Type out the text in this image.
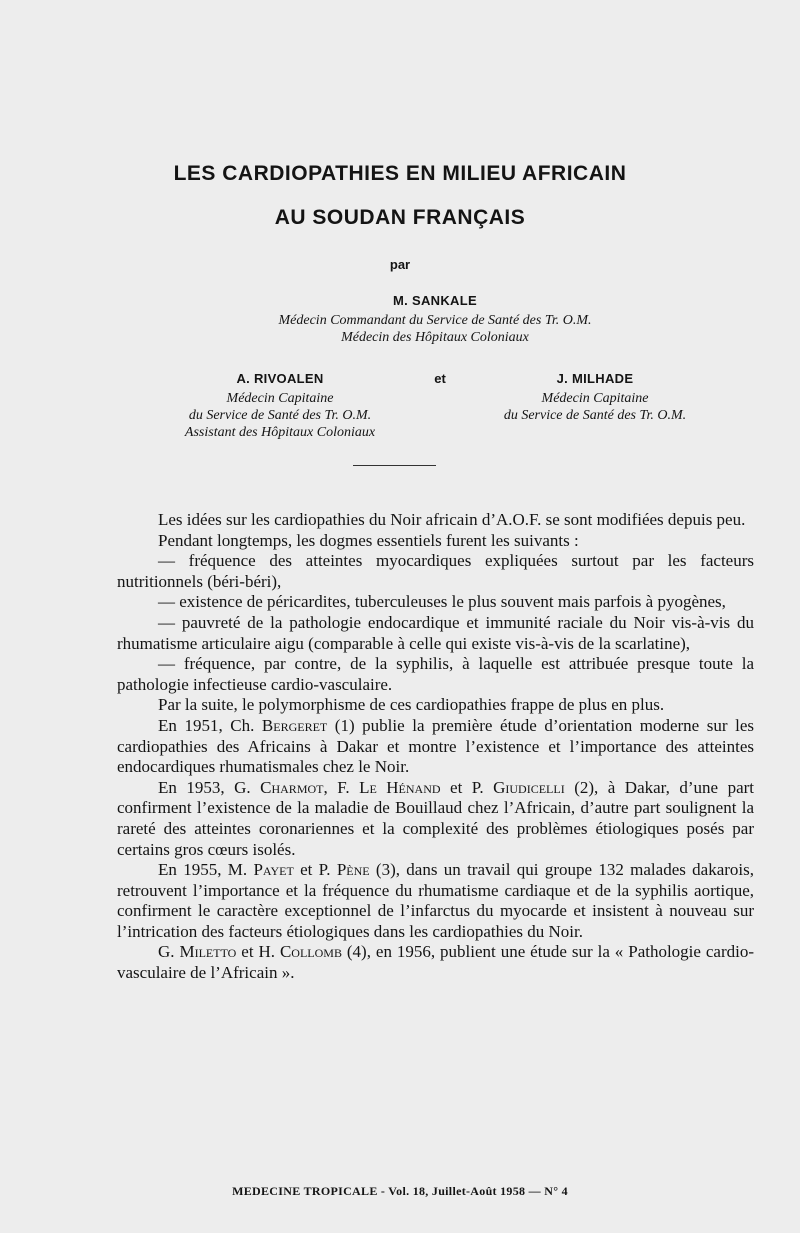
LES CARDIOPATHIES EN MILIEU AFRICAIN
AU SOUDAN FRANÇAIS
par
M. SANKALE
Médecin Commandant du Service de Santé des Tr. O.M.
Médecin des Hôpitaux Coloniaux
A. RIVOALEN
Médecin Capitaine
du Service de Santé des Tr. O.M.
Assistant des Hôpitaux Coloniaux
et	J. MILHADE
Médecin Capitaine
du Service de Santé des Tr. O.M.

Les idées sur les cardiopathies du Noir africain d’A.O.F. se sont modifiées depuis peu.

Pendant longtemps, les dogmes essentiels furent les suivants :

— fréquence des atteintes myocardiques expliquées surtout par les facteurs nutritionnels (béri-béri),

— existence de péricardites, tuberculeuses le plus souvent mais parfois à pyogènes,

— pauvreté de la pathologie endocardique et immunité raciale du Noir vis-à-vis du rhumatisme articulaire aigu (comparable à celle qui existe vis-à-vis de la scarlatine),

— fréquence, par contre, de la syphilis, à laquelle est attribuée presque toute la pathologie infectieuse cardio-vasculaire.

Par la suite, le polymorphisme de ces cardiopathies frappe de plus en plus.

En 1951, Ch. Bergeret (1) publie la première étude d’orientation moderne sur les cardiopathies des Africains à Dakar et montre l’existence et l’importance des atteintes endocardiques rhumatismales chez le Noir.

En 1953, G. Charmot, F. Le Hénand et P. Giudicelli (2), à Dakar, d’une part confirment l’existence de la maladie de Bouillaud chez l’Africain, d’autre part soulignent la rareté des atteintes coronariennes et la complexité des problèmes étiologiques posés par certains gros cœurs isolés.

En 1955, M. Payet et P. Pène (3), dans un travail qui groupe 132 malades dakarois, retrouvent l’importance et la fréquence du rhumatisme cardiaque et de la syphilis aortique, confirment le caractère exceptionnel de l’infarctus du myocarde et insistent à nouveau sur l’intrication des facteurs étiologiques dans les cardiopathies du Noir.

G. Miletto et H. Collomb (4), en 1956, publient une étude sur la « Pathologie cardio-vasculaire de l’Africain ».

MEDECINE TROPICALE - Vol. 18, Juillet-Août 1958 — N° 4
